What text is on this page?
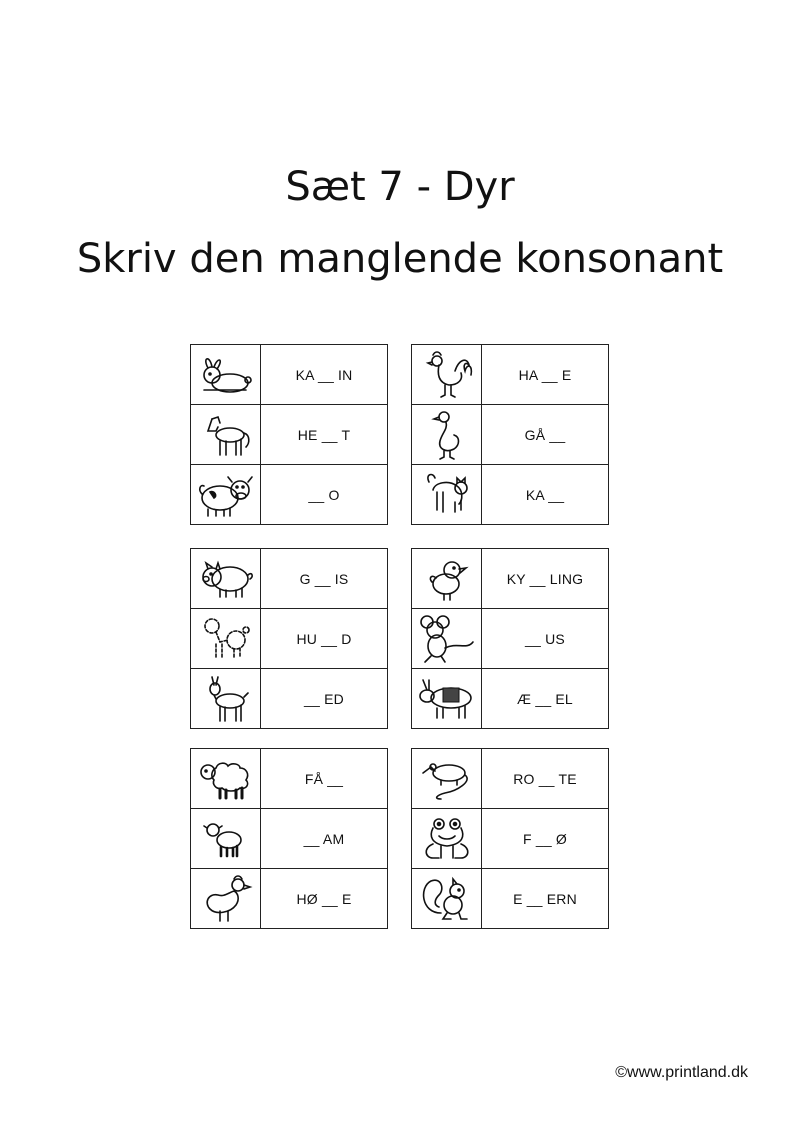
Sæt 7 - Dyr
Skriv den manglende konsonant
	KA __ IN

	HE __ T

	__ O
	HA __ E

	GÅ __

	KA __
	G __ IS

	HU __ D

	__ ED
	KY __ LING

	__ US

	Æ __ EL
	FÅ __

	__ AM

	HØ __ E
	RO __ TE

	F __ Ø

	E __ ERN
©www.printland.dk
